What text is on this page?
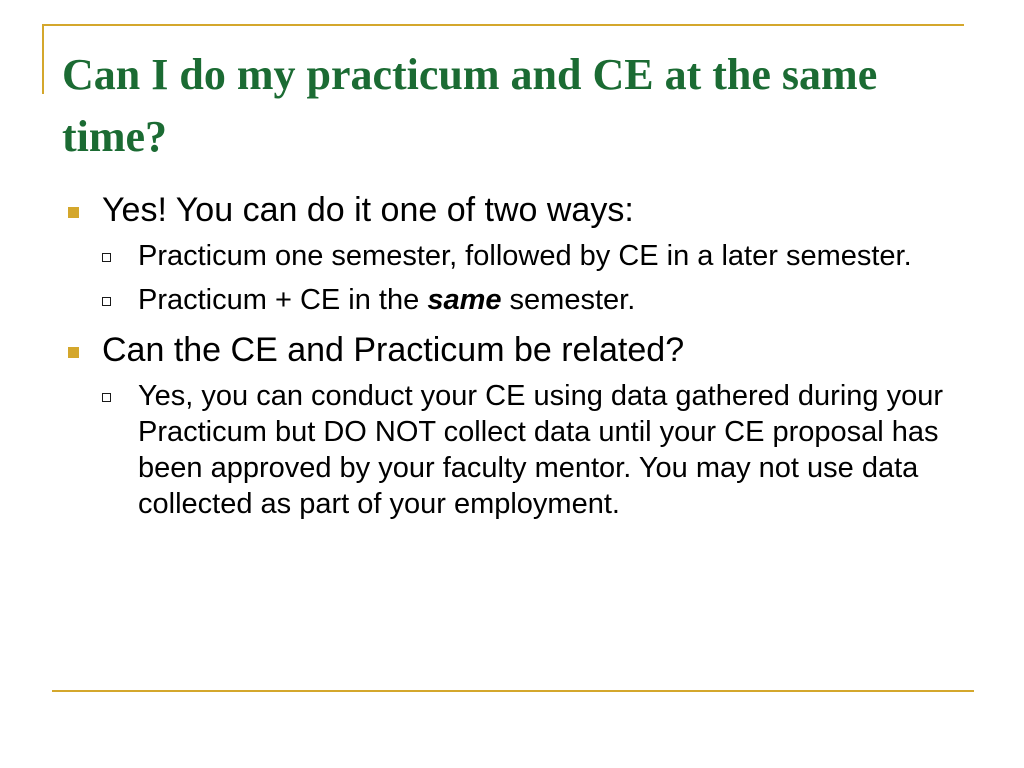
Can I do my practicum and CE at the same time?
Yes! You can do it one of two ways:
Practicum one semester, followed by CE in a later semester.
Practicum + CE in the same semester.
Can the CE and Practicum be related?
Yes, you can conduct your CE using data gathered during your Practicum but DO NOT collect data until your CE proposal has been approved by your faculty mentor. You may not use data collected as part of your employment.
